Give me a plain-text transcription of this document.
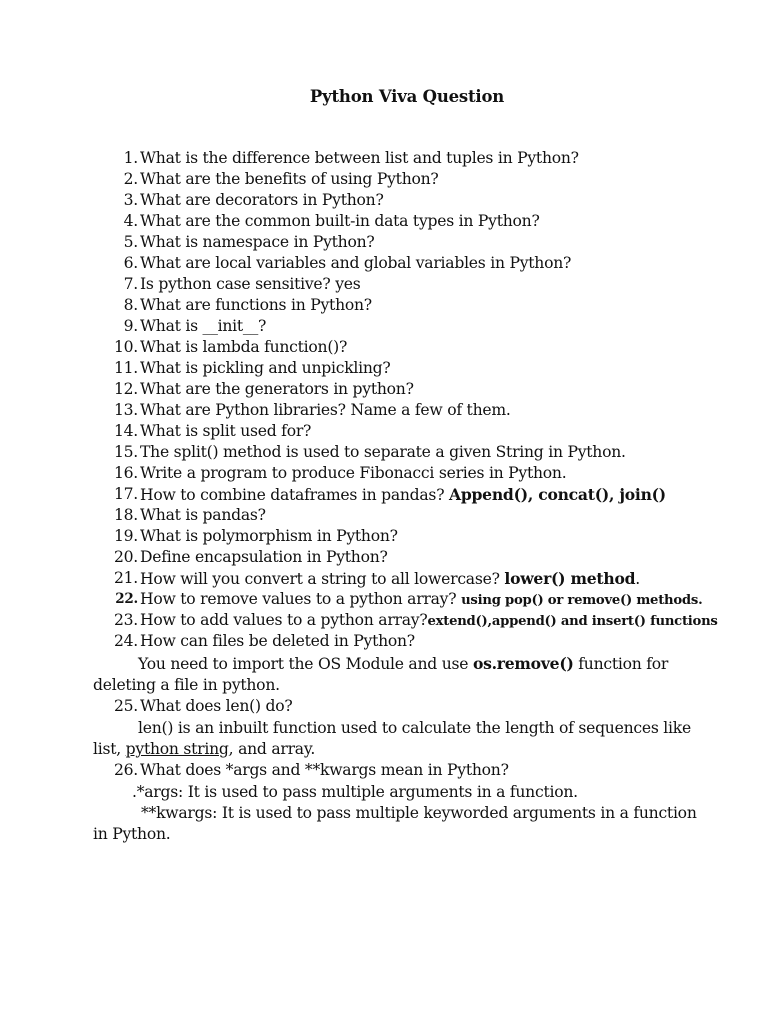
Python Viva Question
1. What is the difference between list and tuples in Python?
2. What are the benefits of using Python?
3. What are decorators in Python?
4. What are the common built-in data types in Python?
5. What is namespace in Python?
6. What are local variables and global variables in Python?
7. Is python case sensitive? yes
8. What are functions in Python?
9. What is __init__?
10. What is lambda function()?
11. What is pickling and unpickling?
12. What are the generators in python?
13. What are Python libraries? Name a few of them.
14. What is split used for?
15. The split() method is used to separate a given String in Python.
16. Write a program to produce Fibonacci series in Python.
17. How to combine dataframes in pandas? Append(), concat(), join()
18. What is pandas?
19. What is polymorphism in Python?
20. Define encapsulation in Python?
21. How will you convert a string to all lowercase? lower() method.
22. How to remove values to a python array? using pop() or remove() methods.
23. How to add values to a python array?extend(),append() and insert() functions
24. How can files be deleted in Python?
You need to import the OS Module and use os.remove() function for
deleting a file in python.
25. What does len() do?
len() is an inbuilt function used to calculate the length of sequences like
list, python string, and array.
26. What does *args and **kwargs mean in Python?
.*args: It is used to pass multiple arguments in a function.
**kwargs: It is used to pass multiple keyworded arguments in a function
in Python.
